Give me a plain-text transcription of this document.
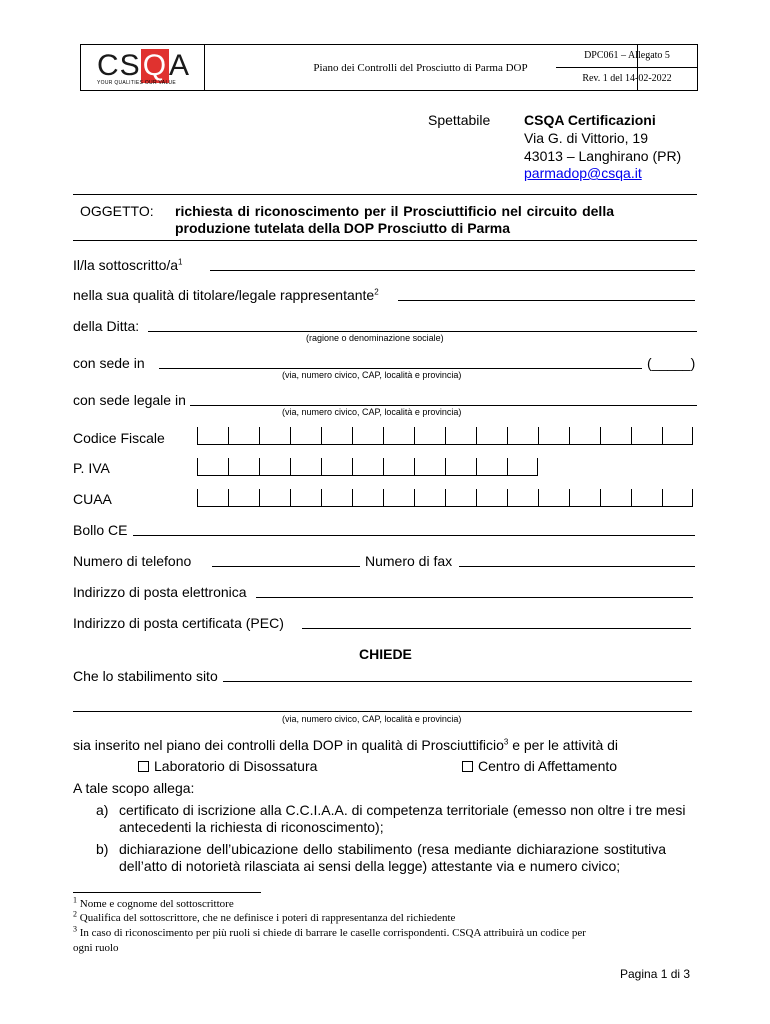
CSQA
YOUR QUALITIES OUR VALUE
Piano dei Controlli del Prosciutto di Parma DOP
DPC061 – Allegato 5
Rev. 1 del 14-02-2022
Spettabile CSQA Certificazioni
Via G. di Vittorio, 19
43013 – Langhirano (PR)
parmadop@csqa.it
OGGETTO: richiesta di riconoscimento per il Prosciuttificio nel circuito della
produzione tutelata della DOP Prosciutto di Parma
Il/la sottoscritto/$a^1$
nella sua qualità di titolare/legale rappresentante$^2$
della Ditta:
(ragione o denominazione sociale)
con sede in	(_____)
(via, numero civico, CAP, località e provincia)
con sede legale in
(via, numero civico, CAP, località e provincia)
Codice Fiscale
P. IVA
CUAA
Bollo CE
Numero di telefono	Numero di fax
Indirizzo di posta elettronica
Indirizzo di posta certificata (PEC)
CHIEDE
Che lo stabilimento sito
(via, numero civico, CAP, località e provincia)
sia inserito nel piano dei controlli della DOP in qualità di Prosciuttificio$^3$ e per le attività di
Laboratorio di Disossatura	Centro di Affettamento
A tale scopo allega:
a) certificato di iscrizione alla C.C.I.A.A. di competenza territoriale (emesso non oltre i tre mesi
antecedenti la richiesta di riconoscimento);
b) dichiarazione dell’ubicazione dello stabilimento (resa mediante dichiarazione sostitutiva
dell’atto di notorietà rilasciata ai sensi della legge) attestante via e numero civico;
$^1$ Nome e cognome del sottoscrittore
$^2$ Qualifica del sottoscrittore, che ne definisce i poteri di rappresentanza del richiedente
$^3$ In caso di riconoscimento per più ruoli si chiede di barrare le caselle corrispondenti. CSQA attribuirà un codice per
ogni ruolo
Pagina 1 di 3
